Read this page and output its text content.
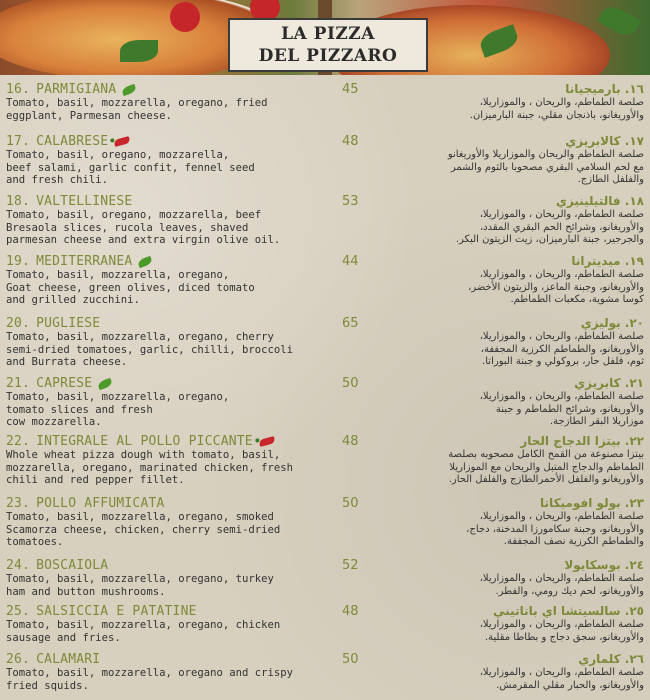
LA PIZZA
DEL PIZZARO
16. PARMIGIANA
Tomato, basil, mozzarella, oregano, fried
eggplant, Parmesan cheese.
45	١٦. بارميجيانا
صلصة الطماطم، والريحان ، والموزاريلا،
والأوريغانو، باذنجان مقلي، جبنة البارميزان.
17. CALABRESE
Tomato, basil, oregano, mozzarella,
beef salami, garlic confit, fennel seed
and fresh chili.
48	١٧. كالابريزي
صلصة الطماطم والريحان والموزاريلا والأوريغانو
مع لحم السلامي البقري مصحوبا بالثوم والشمر
والفلفل الطازج.
18. VALTELLINESE
Tomato, basil, oregano, mozzarella, beef
Bresaola slices, rucola leaves, shaved
parmesan cheese and extra virgin olive oil.
53	١٨. فالتيلينيزي
صلصة الطماطم، والريحان ، والموزاريلا،
والأوريغانو، وشرائح الحم البقري المقدد،
والجرجير، جبنة البارميزان، زيت الزيتون البكر.
19. MEDITERRANEA
Tomato, basil, mozzarella, oregano,
Goat cheese, green olives, diced tomato
and grilled zucchini.
44	١٩. ميديترانا
صلصة الطماطم، والريحان ، والموزاريلا،
والأوريغانو، وجبنة الماعز، والزيتون الأخضر،
كوسا مشوية، مكعبات الطماطم.
20. PUGLIESE
Tomato, basil, mozzarella, oregano, cherry
semi-dried tomatoes, garlic, chilli, broccoli
and Burrata cheese.
65	٢٠. بوليزي
صلصة الطماطم، والريحان ، والموزاريلا،
والأوريغانو، والطماطم الكرزية المجففة،
ثوم، فلفل حار، بروكولي و جبنة البوراتا.
21. CAPRESE
Tomato, basil, mozzarella, oregano,
tomato slices and fresh
cow mozzarella.
50	٢١. كابريزي
صلصة الطماطم، والريحان ، والموزاريلا،
والأوريغانو، وشرائح الطماطم و جبنة
موزاريلا البقر الطازجة.
22. INTEGRALE AL POLLO PICCANTE
Whole wheat pizza dough with tomato, basil,
mozzarella, oregano, marinated chicken, fresh
chili and red pepper fillet.
48	٢٢. بيتزا الدجاج الحار
بيتزا مصنوعة من القمح الكامل مصحوبه بصلصة
الطماطم والدجاج المتبل والريحان مع الموزاريلا
والأوريغانو والفلفل الأحمرالطازج والفلفل الحار.
23. POLLO AFFUMICATA
Tomato, basil, mozzarella, oregano, smoked
Scamorza cheese, chicken, cherry semi-dried
tomatoes.
50	٢٣. بولو افوميكاتا
صلصة الطماطم، والريحان ، والموزاريلا،
والأوريغانو، وجبنة سكامورزا المدخنة، دجاج،
والطماطم الكرزية نصف المجففة.
24. BOSCAIOLA
Tomato, basil, mozzarella, oregano, turkey
ham and button mushrooms.
52	٢٤. بوسكايولا
صلصة الطماطم، والريحان ، والموزاريلا،
والأوريغانو، لحم ديك رومي، والفطر.
25. SALSICCIA E PATATINE
Tomato, basil, mozzarella, oregano, chicken
sausage and fries.
48	٢٥. سالسيتشا اي باتاتيني
صلصة الطماطم، والريحان ، والموزاريلا،
والأوريغانو، سجق دجاج و بطاطا مقلية.
26. CALAMARI
Tomato, basil, mozzarella, oregano and crispy
fried squids.
50	٢٦. كلماري
صلصة الطماطم، والريحان ، والموزاريلا،
والأوريغانو، والحبار مقلي المقرمش.
